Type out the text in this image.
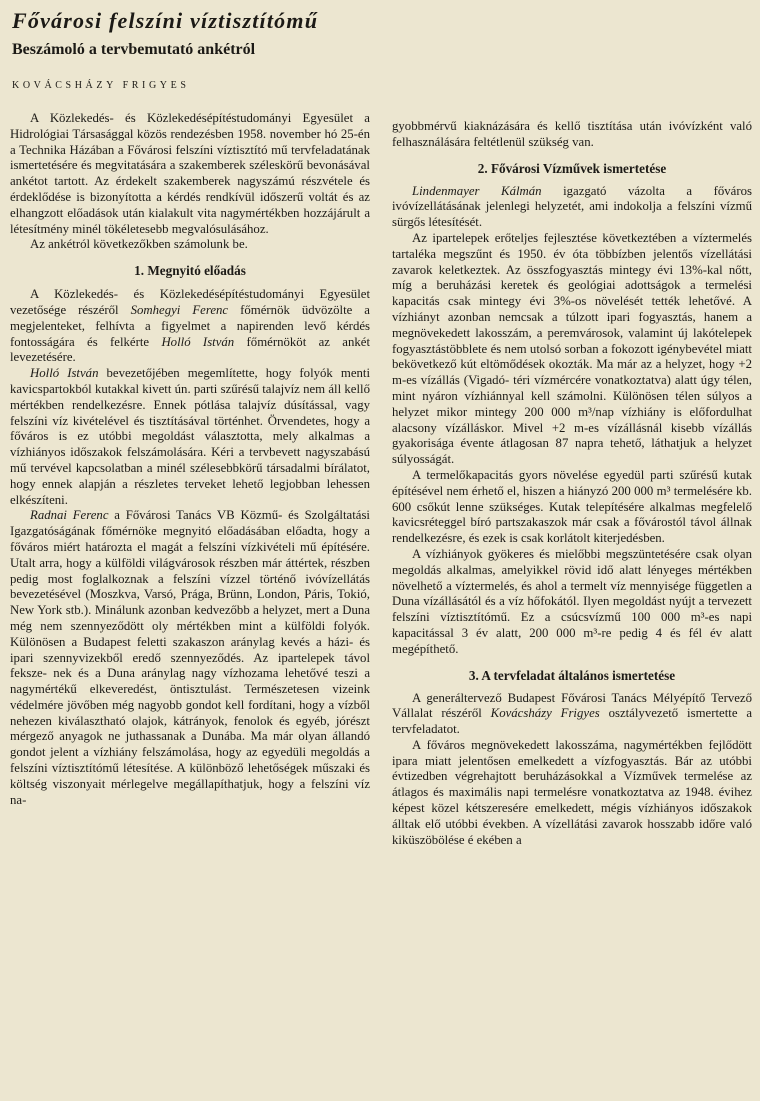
Fővárosi felszíni víztisztítómű
Beszámoló a tervbemutató ankétról
KOVÁCSHÁZY FRIGYES

A Közlekedés- és Közlekedésépítéstudományi Egyesület a Hidrológiai Társasággal közös rendezésben 1958. november hó 25-én a Technika Házában a Fővárosi felszíni víztisztító mű tervfeladatának ismertetésére és megvitatására a szakemberek széleskörű bevonásával ankétot tartott. Az érdekelt szakemberek nagyszámú részvétele és érdeklődése is bizonyította a kérdés rendkívül időszerű voltát és az elhangzott előadások után kialakult vita nagymértékben hozzájárult a létesítmény minél tökéletesebb megvalósulásához.

Az ankétról következőkben számolunk be.

1. Megnyitó előadás

A Közlekedés- és Közlekedésépítéstudományi Egyesület vezetősége részéről Somhegyi Ferenc főmérnök üdvözölte a megjelenteket, felhívta a figyelmet a napirenden levő kérdés fontosságára és felkérte Holló István főmérnököt az ankét levezetésére.

Holló István bevezetőjében megemlítette, hogy folyók menti kavicspartokból kutakkal kivett ún. parti szűrésű talajvíz nem áll kellő mértékben rendelkezésre. Ennek pótlása talajvíz dúsítással, vagy felszíni víz kivételével és tisztításával történhet. Örvendetes, hogy a főváros is ez utóbbi megoldást választotta, mely alkalmas a vízhiányos időszakok felszámolására. Kéri a tervbevett nagyszabású mű tervével kapcsolatban a minél szélesebbkörű társadalmi bírálatot, hogy ennek alapján a részletes terveket lehető legjobban lehessen elkészíteni.

Radnai Ferenc a Fővárosi Tanács VB Közmű- és Szolgáltatási Igazgatóságának főmérnöke megnyitó előadásában előadta, hogy a főváros miért határozta el magát a felszíni vízkivételi mű építésére. Utalt arra, hogy a külföldi világvárosok részben már áttértek, részben pedig most foglalkoznak a felszíni vízzel történő ivóvízellátás bevezetésével (Moszkva, Varsó, Prága, Brünn, London, Páris, Tokió, New York stb.). Minálunk azonban kedvezőbb a helyzet, mert a Duna még nem szennyeződött oly mértékben mint a külföldi folyók. Különösen a Budapest feletti szakaszon aránylag kevés a házi- és ipari szennyvizekből eredő szennyeződés. Az ipartelepek távol feksze- nek és a Duna aránylag nagy vízhozama lehetővé teszi a nagymértékű elkeveredést, öntisztulást. Természetesen vizeink védelmére jövőben még nagyobb gondot kell fordítani, hogy a vízből nehezen kiválasztható olajok, kátrányok, fenolok és egyéb, jórészt mérgező anyagok ne juthassanak a Dunába. Ma már olyan állandó gondot jelent a vízhiány felszámolása, hogy az egyedüli megoldás a felszíni víztisztítómű létesítése. A különböző lehetőségek műszaki és költség viszonyait mérlegelve megállapíthatjuk, hogy a felszíni víz na-

gyobbmérvű kiaknázására és kellő tisztítása után ivóvízként való felhasználására feltétlenül szükség van.

2. Fővárosi Vízművek ismertetése

Lindenmayer Kálmán igazgató vázolta a főváros ivóvízellátásának jelenlegi helyzetét, ami indokolja a felszíni vízmű sürgős létesítését.

Az ipartelepek erőteljes fejlesztése következtében a víztermelés tartaléka megszűnt és 1950. év óta többízben jelentős vízellátási zavarok keletkeztek. Az összfogyasztás mintegy évi 13%-kal nőtt, míg a beruházási keretek és geológiai adottságok a termelési kapacitás csak mintegy évi 3%-os növelését tették lehetővé. A vízhiányt azonban nemcsak a túlzott ipari fogyasztás, hanem a megnövekedett lakosszám, a peremvárosok, valamint új lakótelepek fogyasztástöbblete és nem utolsó sorban a fokozott igénybevétel miatt bekövetkező kút eltömődések okozták. Ma már az a helyzet, hogy +2 m-es vízállás (Vigadó- téri vízmércére vonatkoztatva) alatt úgy télen, mint nyáron vízhiánnyal kell számolni. Különösen télen súlyos a helyzet mikor mintegy 200 000 m³/nap vízhiány is előfordulhat alacsony vízálláskor. Mivel +2 m-es vízállásnál kisebb vízállás gyakorisága évente átlagosan 87 napra tehető, láthatjuk a helyzet súlyosságát.

A termelőkapacitás gyors növelése egyedül parti szűrésű kutak építésével nem érhető el, hiszen a hiányzó 200 000 m³ termelésére kb. 600 csőkút lenne szükséges. Kutak telepítésére alkalmas megfelelő kavicsréteggel bíró partszakaszok már csak a fővárostól távol állnak rendelkezésre, és ezek is csak korlátolt kiterjedésben.

A vízhiányok gyökeres és mielőbbi megszüntetésére csak olyan megoldás alkalmas, amelyikkel rövid idő alatt lényeges mértékben növelhető a víztermelés, és ahol a termelt víz mennyisége független a Duna vízállásától és a víz hőfokától. Ilyen megoldást nyújt a tervezett felszíni víztisztítómű. Ez a csúcsvízmű 100 000 m³-es napi kapacitással 3 év alatt, 200 000 m³-re pedig 4 és fél év alatt megépíthető.

3. A tervfeladat általános ismertetése

A generáltervező Budapest Fővárosi Tanács Mélyépítő Tervező Vállalat részéről Kovácsházy Frigyes osztályvezető ismertette a tervfeladatot.

A főváros megnövekedett lakosszáma, nagymértékben fejlődött ipara miatt jelentősen emelkedett a vízfogyasztás. Bár az utóbbi évtizedben végrehajtott beruházásokkal a Vízművek termelése az átlagos és maximális napi termelésre vonatkoztatva az 1948. évihez képest közel kétszeresére emelkedett, mégis vízhiányos időszakok álltak elő utóbbi években. A vízellátási zavarok hosszabb időre való kiküszöbölése é ekében a
